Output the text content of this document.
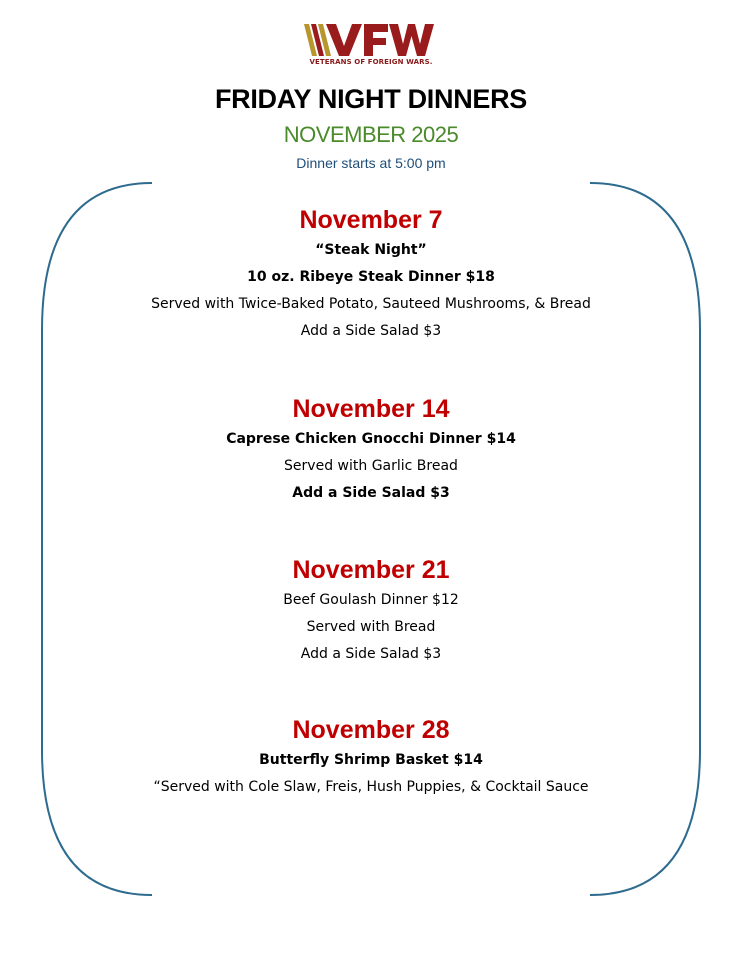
VETERANS OF FOREIGN WARS.
FRIDAY NIGHT DINNERS
NOVEMBER 2025
Dinner starts at 5:00 pm
November 7
“Steak Night”
10 oz. Ribeye Steak Dinner $18
Served with Twice-Baked Potato, Sauteed Mushrooms, & Bread
Add a Side Salad $3
November 14
Caprese Chicken Gnocchi Dinner $14
Served with Garlic Bread
Add a Side Salad $3
November 21
Beef Goulash Dinner $12
Served with Bread
Add a Side Salad $3
November 28
Butterfly Shrimp Basket $14
“Served with Cole Slaw, Freis, Hush Puppies, & Cocktail Sauce
